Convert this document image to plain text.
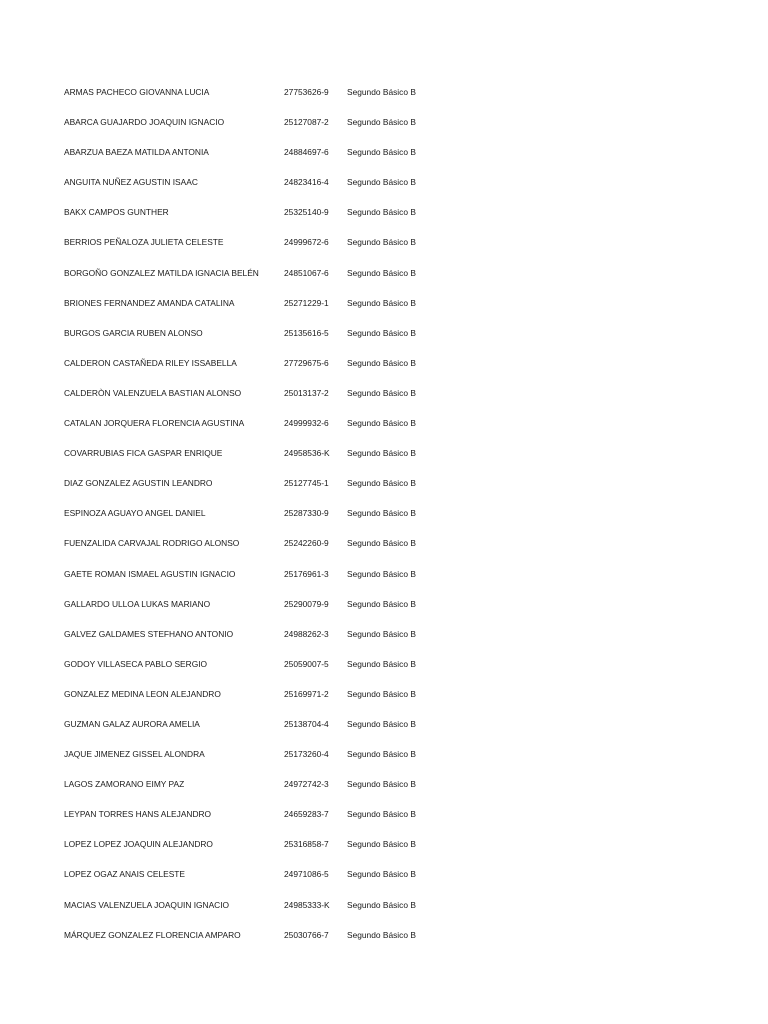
ARMAS PACHECO GIOVANNA LUCIA	27753626-9	Segundo Básico B
ABARCA GUAJARDO JOAQUIN IGNACIO	25127087-2	Segundo Básico B
ABARZUA BAEZA MATILDA ANTONIA	24884697-6	Segundo Básico B
ANGUITA NUÑEZ AGUSTIN ISAAC	24823416-4	Segundo Básico B
BAKX CAMPOS GUNTHER	25325140-9	Segundo Básico B
BERRIOS PEÑALOZA JULIETA CELESTE	24999672-6	Segundo Básico B
BORGOÑO GONZALEZ MATILDA IGNACIA BELÉN	24851067-6	Segundo Básico B
BRIONES FERNANDEZ AMANDA CATALINA	25271229-1	Segundo Básico B
BURGOS GARCIA RUBEN ALONSO	25135616-5	Segundo Básico B
CALDERON CASTAÑEDA RILEY ISSABELLA	27729675-6	Segundo Básico B
CALDERÒN VALENZUELA BASTIAN ALONSO	25013137-2	Segundo Básico B
CATALAN JORQUERA FLORENCIA AGUSTINA	24999932-6	Segundo Básico B
COVARRUBIAS FICA GASPAR ENRIQUE	24958536-K	Segundo Básico B
DIAZ GONZALEZ AGUSTIN LEANDRO	25127745-1	Segundo Básico B
ESPINOZA AGUAYO ANGEL DANIEL	25287330-9	Segundo Básico B
FUENZALIDA CARVAJAL RODRIGO ALONSO	25242260-9	Segundo Básico B
GAETE ROMAN ISMAEL AGUSTIN IGNACIO	25176961-3	Segundo Básico B
GALLARDO ULLOA LUKAS MARIANO	25290079-9	Segundo Básico B
GALVEZ GALDAMES STEFHANO ANTONIO	24988262-3	Segundo Básico B
GODOY VILLASECA PABLO SERGIO	25059007-5	Segundo Básico B
GONZALEZ MEDINA LEON ALEJANDRO	25169971-2	Segundo Básico B
GUZMAN GALAZ AURORA AMELIA	25138704-4	Segundo Básico B
JAQUE JIMENEZ GISSEL ALONDRA	25173260-4	Segundo Básico B
LAGOS ZAMORANO EIMY PAZ	24972742-3	Segundo Básico B
LEYPAN TORRES HANS ALEJANDRO	24659283-7	Segundo Básico B
LOPEZ LOPEZ JOAQUIN ALEJANDRO	25316858-7	Segundo Básico B
LOPEZ OGAZ ANAIS CELESTE	24971086-5	Segundo Básico B
MACIAS VALENZUELA JOAQUIN IGNACIO	24985333-K	Segundo Básico B
MÁRQUEZ GONZALEZ FLORENCIA AMPARO	25030766-7	Segundo Básico B
